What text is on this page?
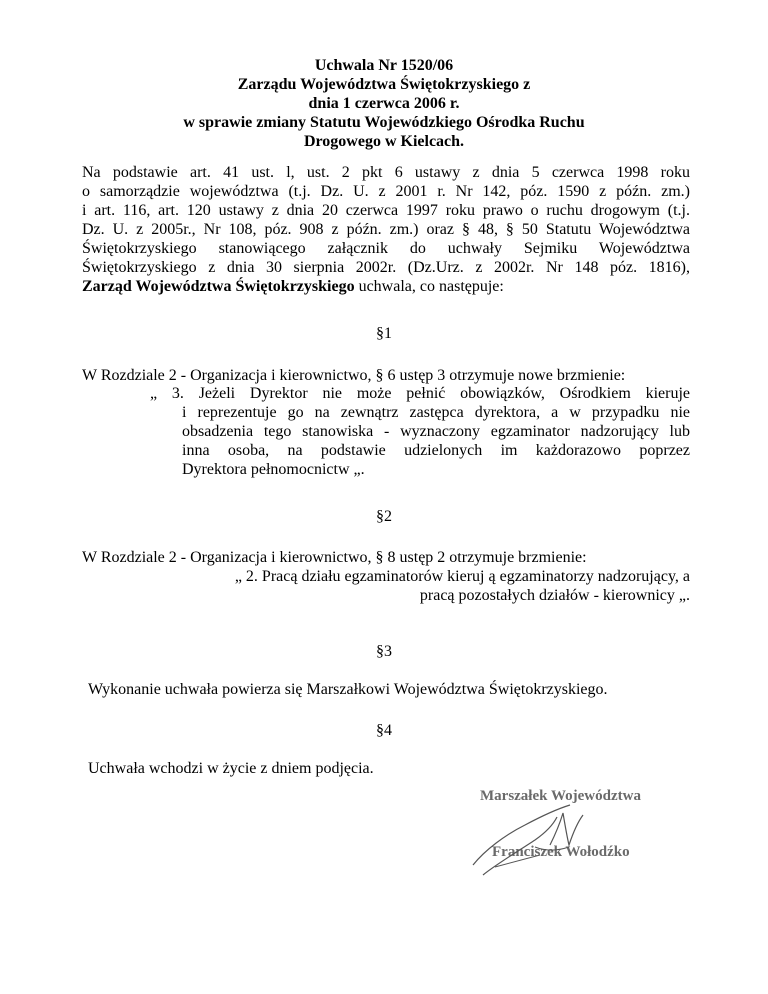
Uchwala Nr 1520/06
Zarządu Województwa Świętokrzyskiego z
dnia 1 czerwca 2006 r.
w sprawie zmiany Statutu Wojewódzkiego Ośrodka Ruchu
Drogowego w Kielcach.
Na podstawie art. 41 ust. l, ust. 2 pkt 6 ustawy z dnia 5 czerwca 1998 roku
o samorządzie województwa (t.j. Dz. U. z 2001 r. Nr 142, póz. 1590 z późn. zm.)
i art. 116, art. 120 ustawy z dnia 20 czerwca 1997 roku prawo o ruchu drogowym (t.j.
Dz. U. z 2005r., Nr 108, póz. 908 z późn. zm.) oraz § 48, § 50 Statutu Województwa
Świętokrzyskiego stanowiącego załącznik do uchwały Sejmiku Województwa
Świętokrzyskiego z dnia 30 sierpnia 2002r. (Dz.Urz. z 2002r. Nr 148 póz. 1816),
Zarząd Województwa Świętokrzyskiego uchwala, co następuje:
§1
W Rozdziale 2 - Organizacja i kierownictwo, § 6 ustęp 3 otrzymuje nowe brzmienie:
„ 3. Jeżeli Dyrektor nie może pełnić obowiązków, Ośrodkiem kieruje
i reprezentuje go na zewnątrz zastępca dyrektora, a w przypadku nie
obsadzenia tego stanowiska - wyznaczony egzaminator nadzorujący lub
inna osoba, na podstawie udzielonych im każdorazowo poprzez
Dyrektora pełnomocnictw „.
§2
W Rozdziale 2 - Organizacja i kierownictwo, § 8 ustęp 2 otrzymuje brzmienie:
„ 2. Pracą działu egzaminatorów kieruj ą egzaminatorzy nadzorujący, a
pracą pozostałych działów - kierownicy „.
§3
Wykonanie uchwała powierza się Marszałkowi Województwa Świętokrzyskiego.
§4
Uchwała wchodzi w życie z dniem podjęcia.
Marszałek Województwa
Franciszek Wołodźko
